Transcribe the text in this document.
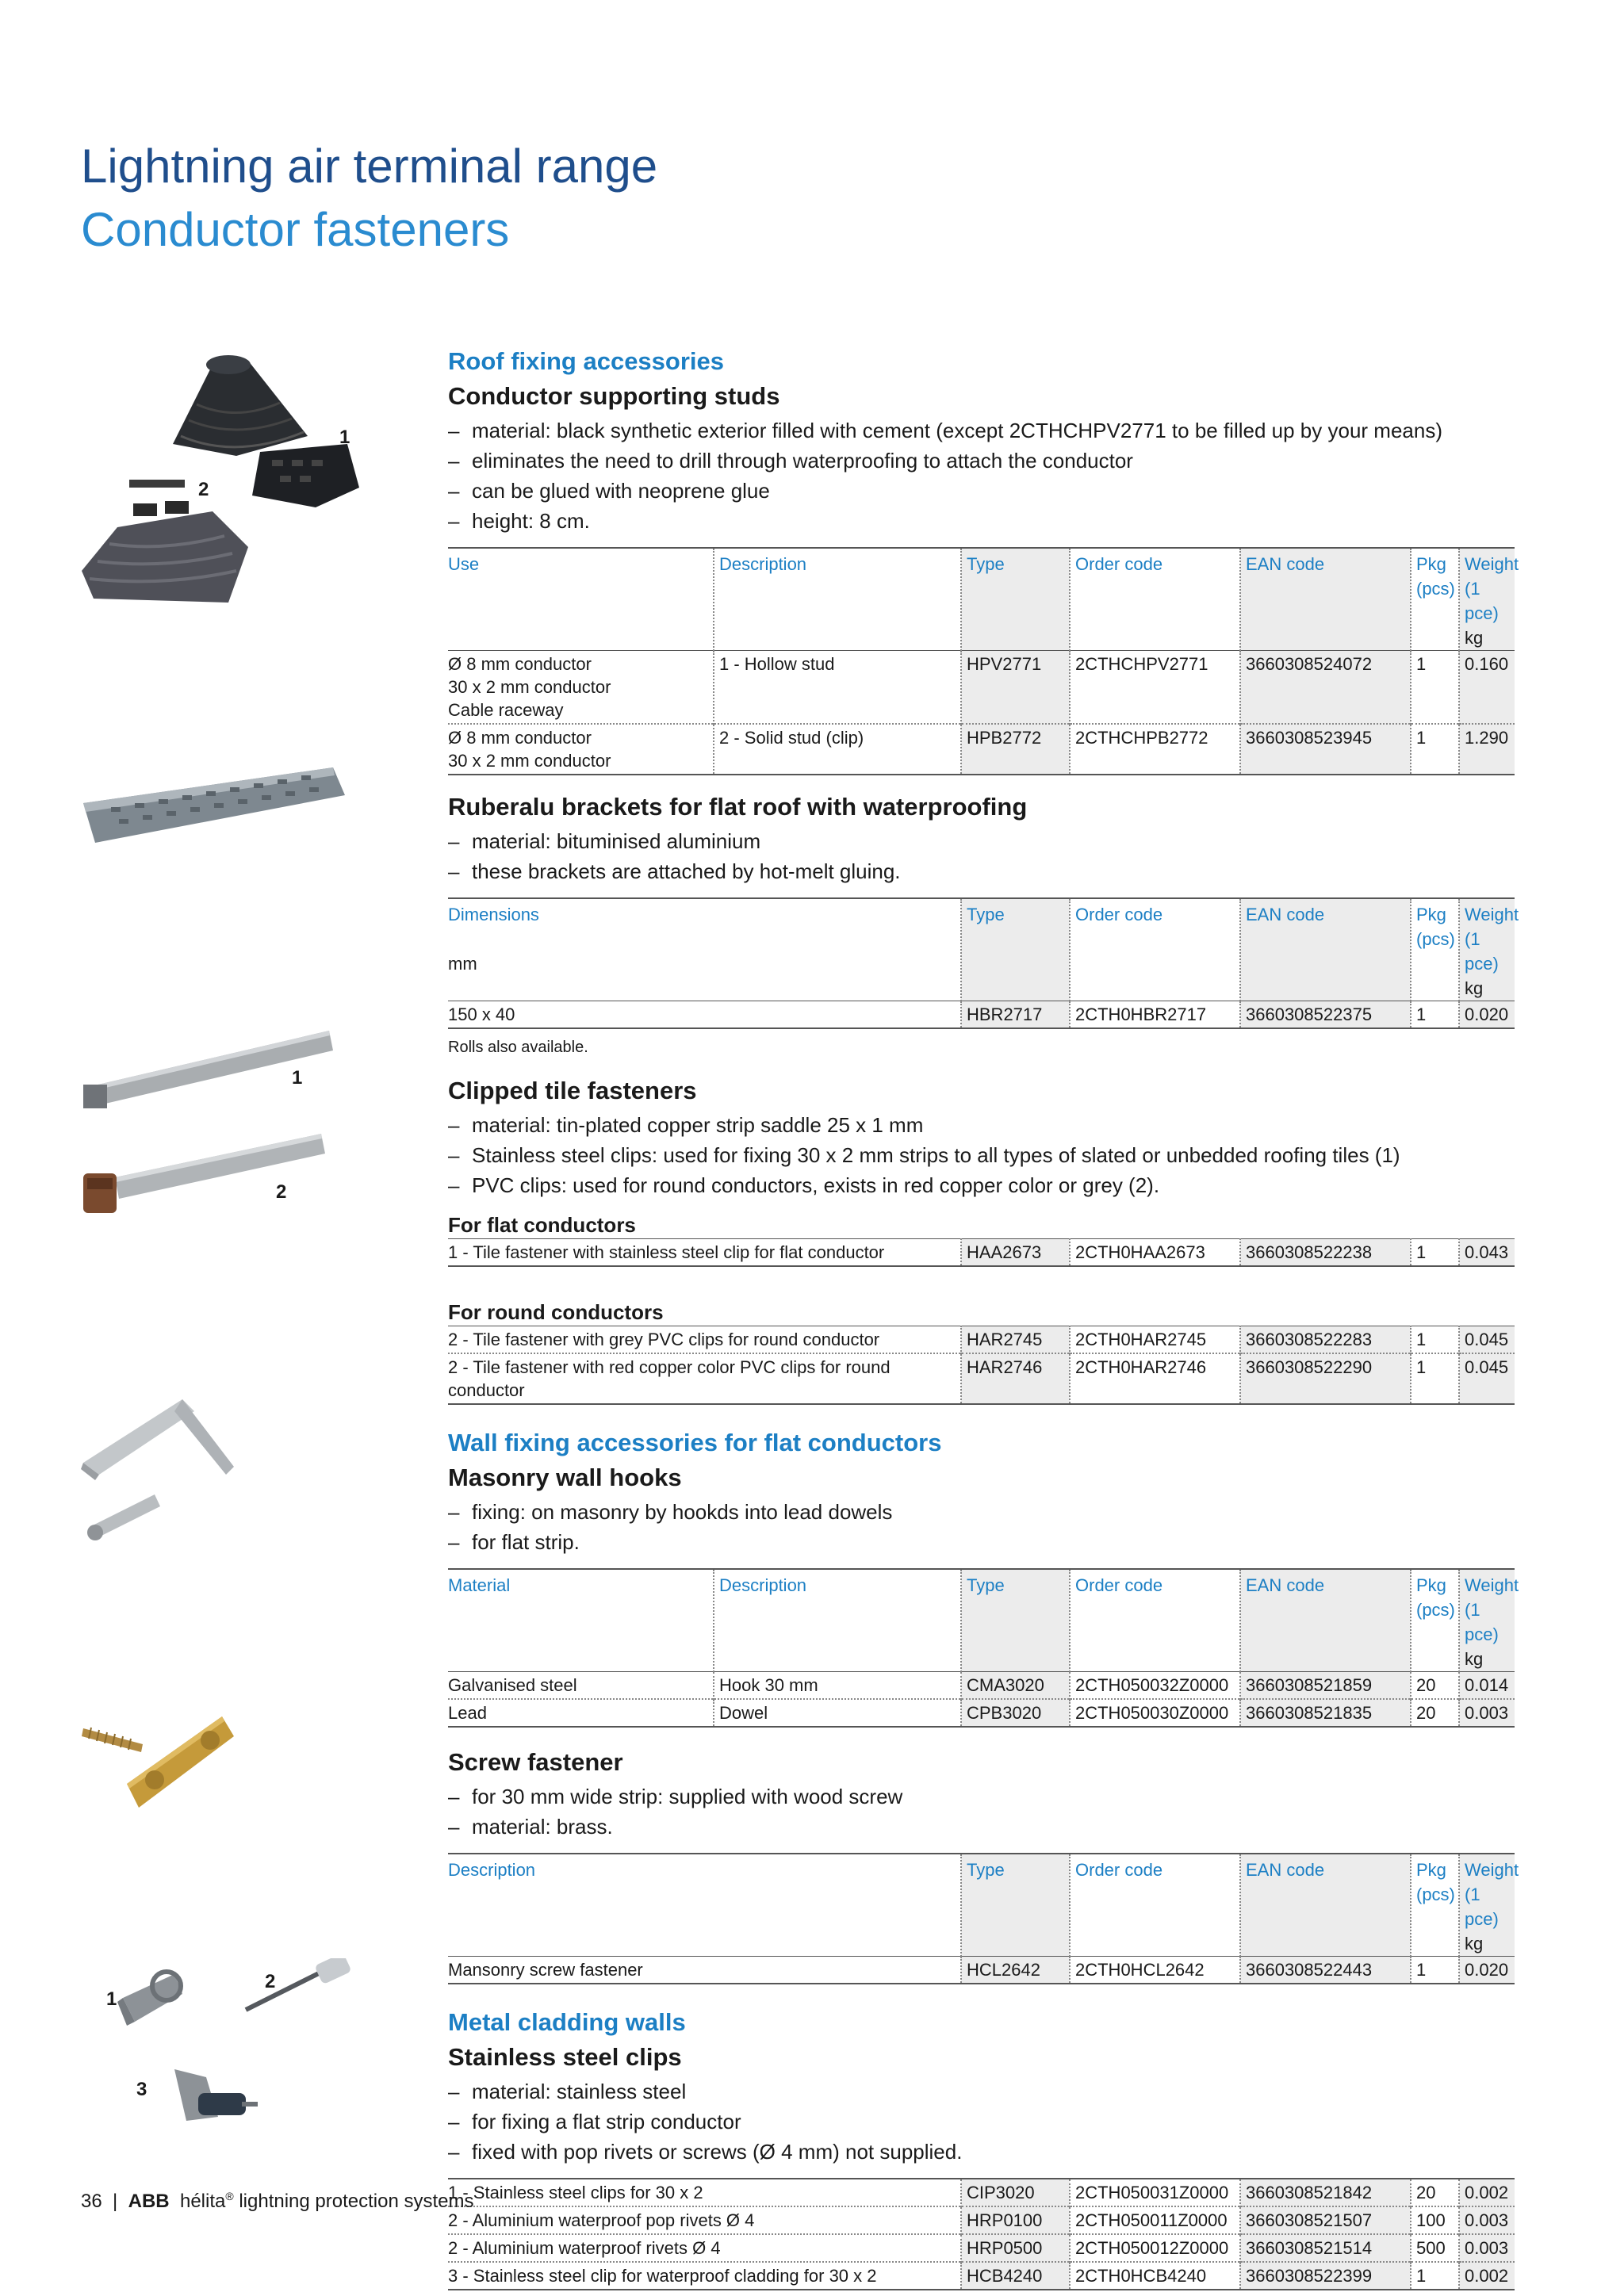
Lightning air terminal range
Conductor fasteners
1
2
1
2
1
2
3
Roof fixing accessories
Conductor supporting studs
– material: black synthetic exterior filled with cement (except 2CTHCHPV2771 to be filled up by your means)
– eliminates the need to drill through waterproofing to attach the conductor
– can be glued with neoprene glue
– height: 8 cm.
Use	Description	Type	Order code	EAN code	Pkg
(pcs)	Weight
(1 pce)
kg

Ø 8 mm conductor
30 x 2 mm conductor
Cable raceway	1 - Hollow stud	HPV2771	2CTHCHPV2771	3660308524072	1	0.160
Ø 8 mm conductor
30 x 2 mm conductor	2 - Solid stud (clip)	HPB2772	2CTHCHPB2772	3660308523945	1	1.290
Ruberalu brackets for flat roof with waterproofing
– material: bituminised aluminium
– these brackets are attached by hot-melt gluing.
Dimensions

mm	Type	Order code	EAN code	Pkg
(pcs)	Weight
(1 pce)
kg

150 x 40	HBR2717	2CTH0HBR2717	3660308522375	1	0.020
Rolls also available.
Clipped tile fasteners
– material: tin-plated copper strip saddle 25 x 1 mm
– Stainless steel clips: used for fixing 30 x 2 mm strips to all types of slated or unbedded roofing tiles (1)
– PVC clips: used for round conductors, exists in red copper color or grey (2).
For flat conductors
1 - Tile fastener with stainless steel clip for flat conductor	HAA2673	2CTH0HAA2673	3660308522238	1	0.043
For round conductors
2 - Tile fastener with grey PVC clips for round conductor	HAR2745	2CTH0HAR2745	3660308522283	1	0.045
2 - Tile fastener with red copper color PVC clips for round conductor	HAR2746	2CTH0HAR2746	3660308522290	1	0.045
Wall fixing accessories for flat conductors
Masonry wall hooks
– fixing: on masonry by hookds into lead dowels
– for flat strip.
Material	Description	Type	Order code	EAN code	Pkg
(pcs)	Weight
(1 pce)
kg

Galvanised steel	Hook 30 mm	CMA3020	2CTH050032Z0000	3660308521859	20	0.014
Lead	Dowel	CPB3020	2CTH050030Z0000	3660308521835	20	0.003
Screw fastener
– for 30 mm wide strip: supplied with wood screw
– material: brass.
Description	Type	Order code	EAN code	Pkg
(pcs)	Weight
(1 pce)
kg

Mansonry screw fastener	HCL2642	2CTH0HCL2642	3660308522443	1	0.020
Metal cladding walls
Stainless steel clips
– material: stainless steel
– for fixing a flat strip conductor
– fixed with pop rivets or screws (Ø 4 mm) not supplied.
1 - Stainless steel clips for 30 x 2	CIP3020	2CTH050031Z0000	3660308521842	20	0.002
2 - Aluminium waterproof pop rivets Ø 4	HRP0100	2CTH050011Z0000	3660308521507	100	0.003
2 - Aluminium waterproof rivets Ø 4	HRP0500	2CTH050012Z0000	3660308521514	500	0.003
3 - Stainless steel clip for waterproof cladding for 30 x 2	HCB4240	2CTH0HCB4240	3660308522399	1	0.002
36 | ABB hélita® lightning protection systems
